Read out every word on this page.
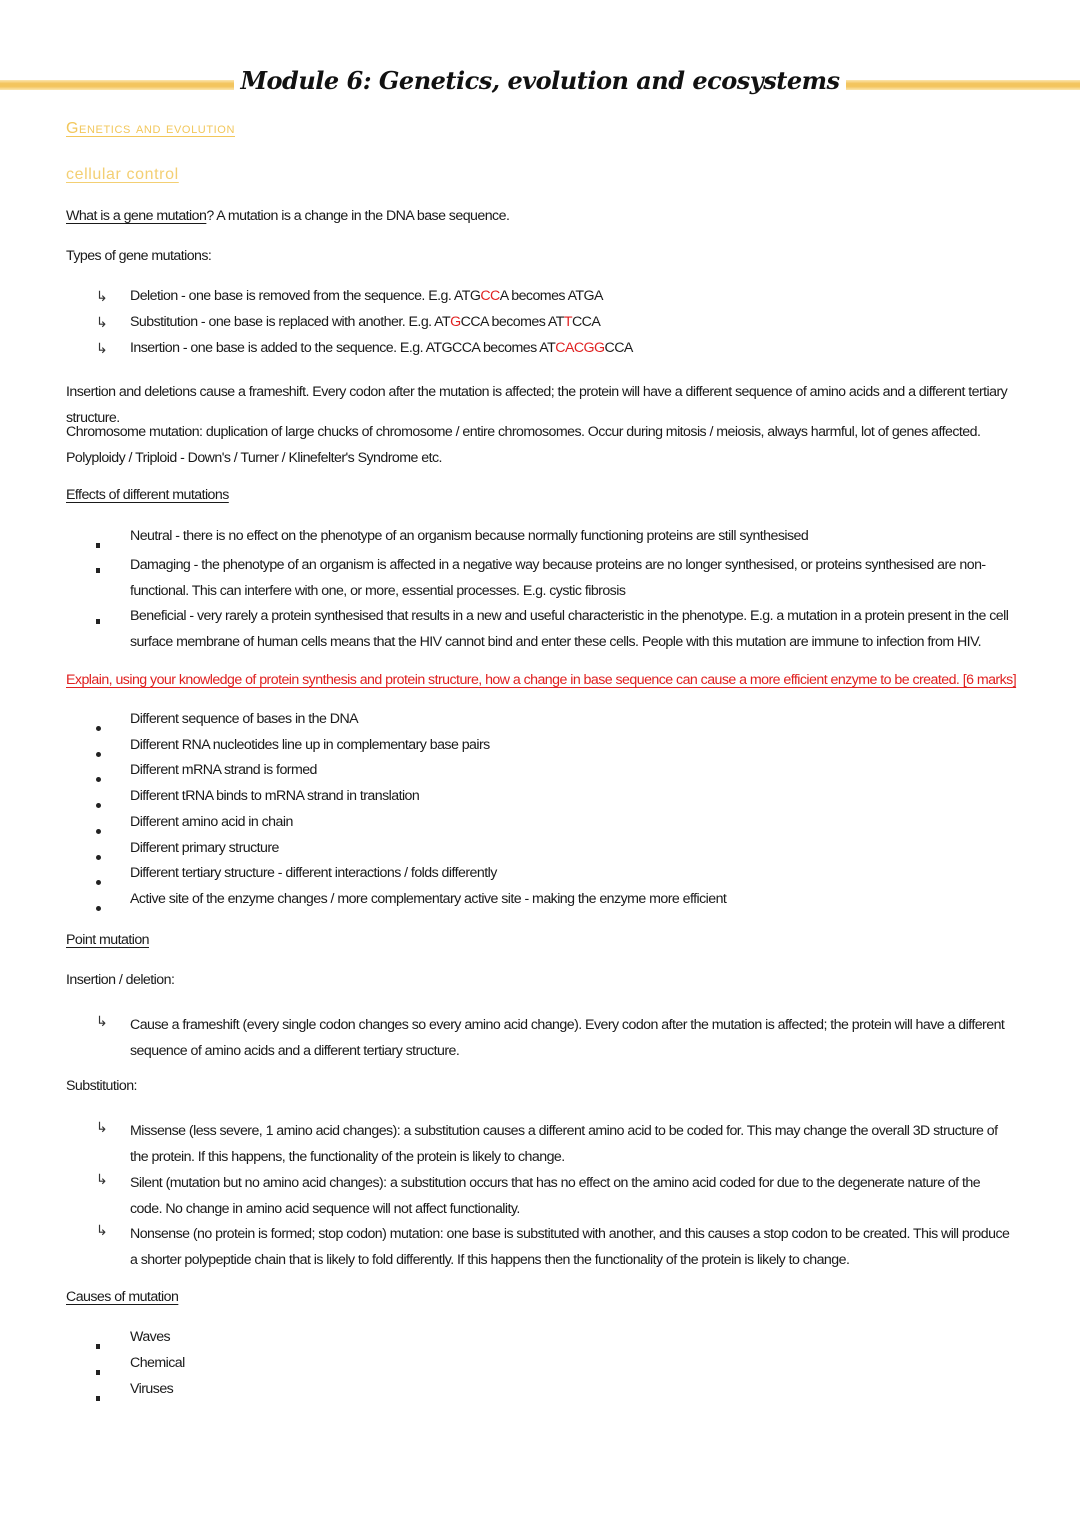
Module 6: Genetics, evolution and ecosystems
Genetics and evolution
cellular control
What is a gene mutation? A mutation is a change in the DNA base sequence.
Types of gene mutations:
↳ Deletion - one base is removed from the sequence. E.g. ATGCCA becomes ATGA
↳ Substitution - one base is replaced with another. E.g. ATGCCA becomes ATTCCA
↳ Insertion - one base is added to the sequence. E.g. ATGCCA becomes ATCACGGCCA
Insertion and deletions cause a frameshift. Every codon after the mutation is affected; the protein will have a different sequence of amino acids and a different tertiary structure.
Chromosome mutation: duplication of large chucks of chromosome / entire chromosomes. Occur during mitosis / meiosis, always harmful, lot of genes affected. Polyploidy / Triploid - Down's / Turner / Klinefelter's Syndrome etc.
Effects of different mutations
Neutral - there is no effect on the phenotype of an organism because normally functioning proteins are still synthesised
Damaging - the phenotype of an organism is affected in a negative way because proteins are no longer synthesised, or proteins synthesised are non-functional. This can interfere with one, or more, essential processes. E.g. cystic fibrosis
Beneficial - very rarely a protein synthesised that results in a new and useful characteristic in the phenotype. E.g. a mutation in a protein present in the cell surface membrane of human cells means that the HIV cannot bind and enter these cells. People with this mutation are immune to infection from HIV.
Explain, using your knowledge of protein synthesis and protein structure, how a change in base sequence can cause a more efficient enzyme to be created. [6 marks]
Different sequence of bases in the DNA
Different RNA nucleotides line up in complementary base pairs
Different mRNA strand is formed
Different tRNA binds to mRNA strand in translation
Different amino acid in chain
Different primary structure
Different tertiary structure - different interactions / folds differently
Active site of the enzyme changes / more complementary active site - making the enzyme more efficient
Point mutation
Insertion / deletion:
↳ Cause a frameshift (every single codon changes so every amino acid change). Every codon after the mutation is affected; the protein will have a different sequence of amino acids and a different tertiary structure.
Substitution:
↳ Missense (less severe, 1 amino acid changes): a substitution causes a different amino acid to be coded for. This may change the overall 3D structure of the protein. If this happens, the functionality of the protein is likely to change.
↳ Silent (mutation but no amino acid changes): a substitution occurs that has no effect on the amino acid coded for due to the degenerate nature of the code. No change in amino acid sequence will not affect functionality.
↳ Nonsense (no protein is formed; stop codon) mutation: one base is substituted with another, and this causes a stop codon to be created. This will produce a shorter polypeptide chain that is likely to fold differently. If this happens then the functionality of the protein is likely to change.
Causes of mutation
Waves
Chemical
Viruses
